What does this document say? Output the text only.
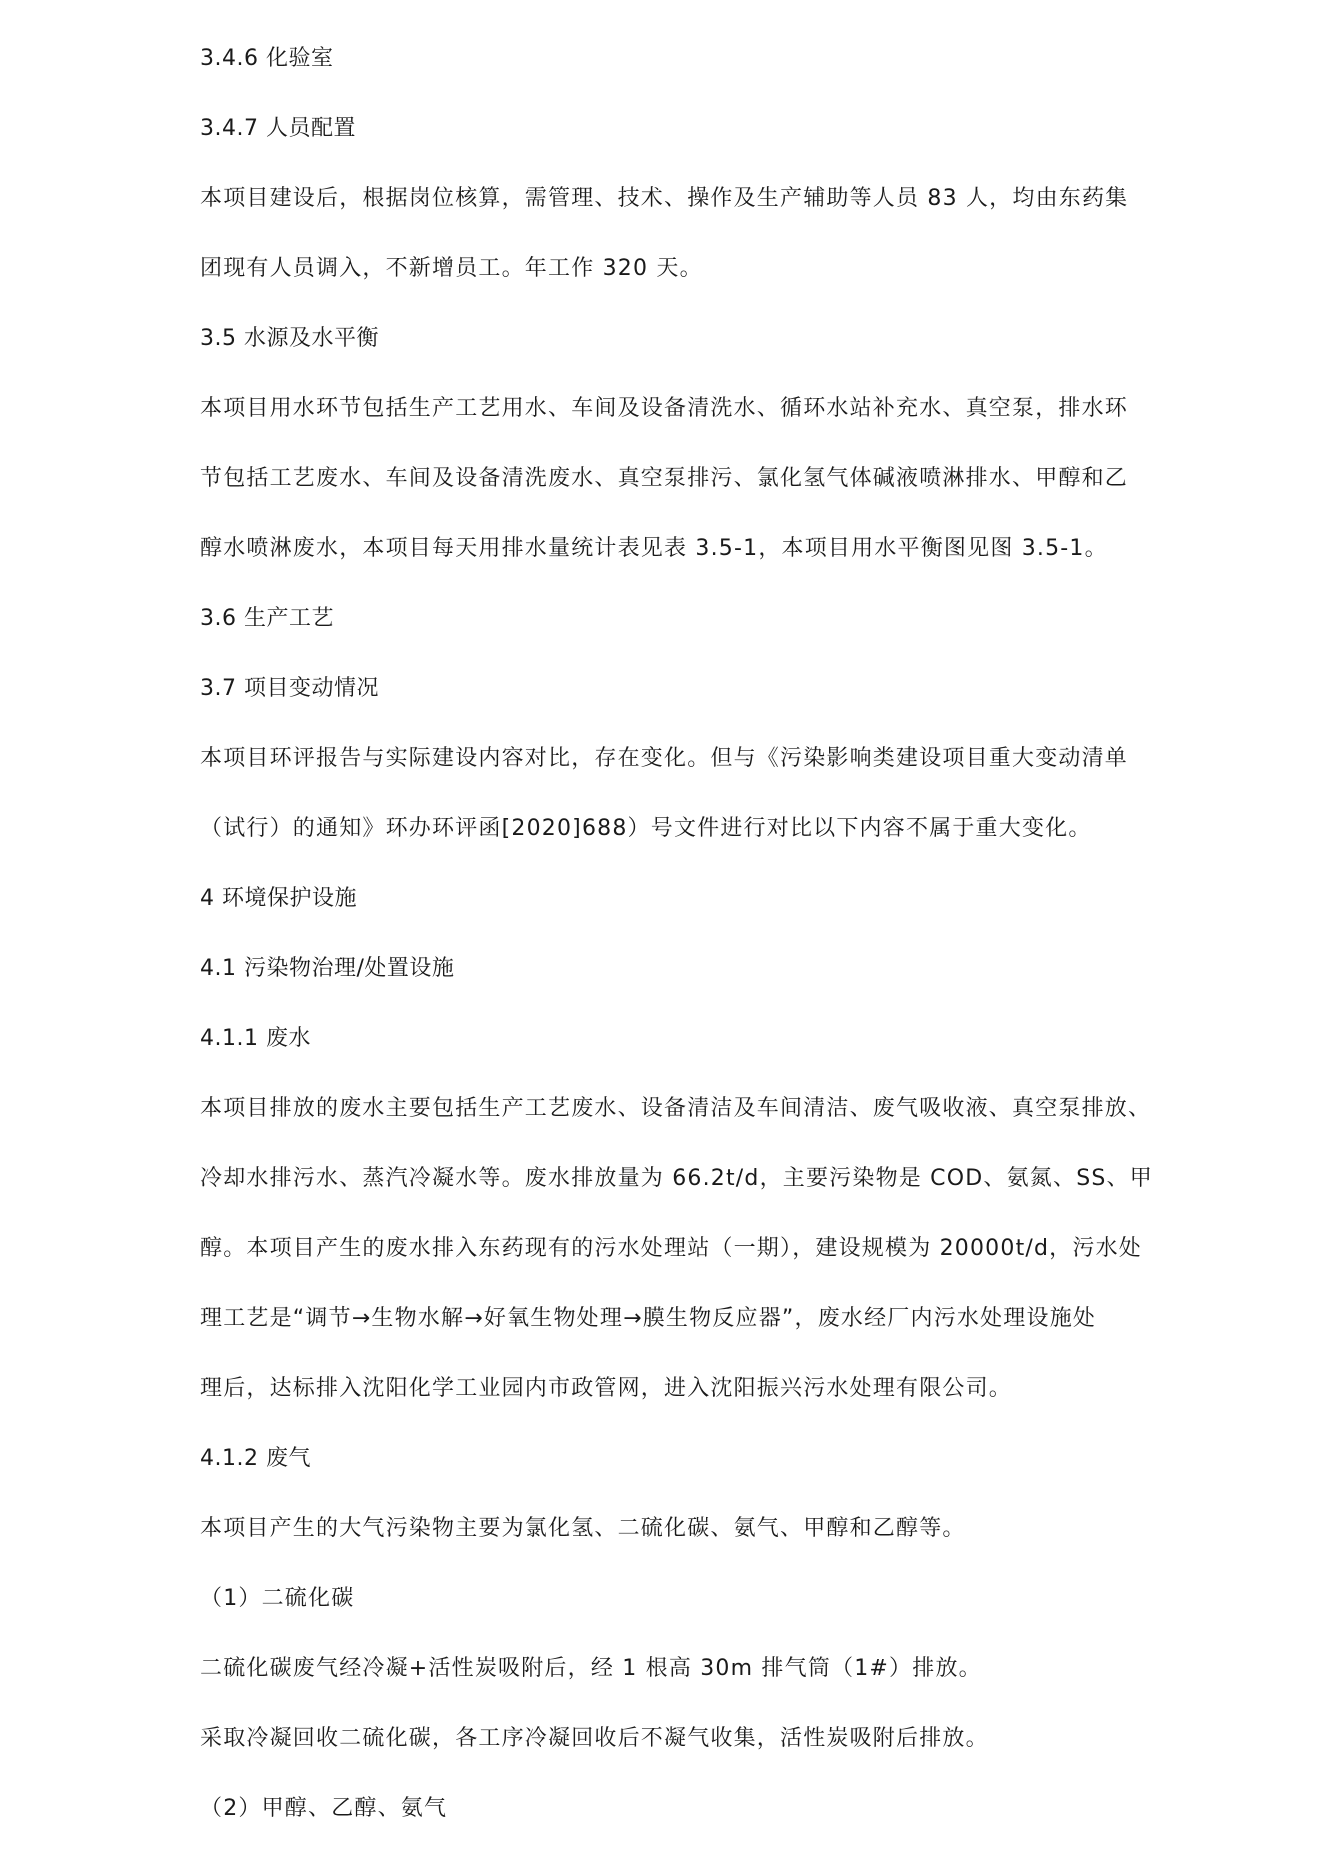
3.4.6 化验室
3.4.7 人员配置
本项目建设后，根据岗位核算，需管理、技术、操作及生产辅助等人员 83 人，均由东药集
团现有人员调入，不新增员工。年工作 320 天。
3.5 水源及水平衡
本项目用水环节包括生产工艺用水、车间及设备清洗水、循环水站补充水、真空泵，排水环
节包括工艺废水、车间及设备清洗废水、真空泵排污、氯化氢气体碱液喷淋排水、甲醇和乙
醇水喷淋废水，本项目每天用排水量统计表见表 3.5-1，本项目用水平衡图见图 3.5-1。
3.6 生产工艺
3.7 项目变动情况
本项目环评报告与实际建设内容对比，存在变化。但与《污染影响类建设项目重大变动清单
（试行）的通知》环办环评函[2020]688）号文件进行对比以下内容不属于重大变化。
4 环境保护设施
4.1 污染物治理/处置设施
4.1.1 废水
本项目排放的废水主要包括生产工艺废水、设备清洁及车间清洁、废气吸收液、真空泵排放、
冷却水排污水、蒸汽冷凝水等。废水排放量为 66.2t/d，主要污染物是 COD、氨氮、SS、甲
醇。本项目产生的废水排入东药现有的污水处理站（一期），建设规模为 20000t/d，污水处
理工艺是“调节→生物水解→好氧生物处理→膜生物反应器”，废水经厂内污水处理设施处
理后，达标排入沈阳化学工业园内市政管网，进入沈阳振兴污水处理有限公司。
4.1.2 废气
本项目产生的大气污染物主要为氯化氢、二硫化碳、氨气、甲醇和乙醇等。
（1）二硫化碳
二硫化碳废气经冷凝+活性炭吸附后，经 1 根高 30m 排气筒（1#）排放。
采取冷凝回收二硫化碳，各工序冷凝回收后不凝气收集，活性炭吸附后排放。
（2）甲醇、乙醇、氨气
